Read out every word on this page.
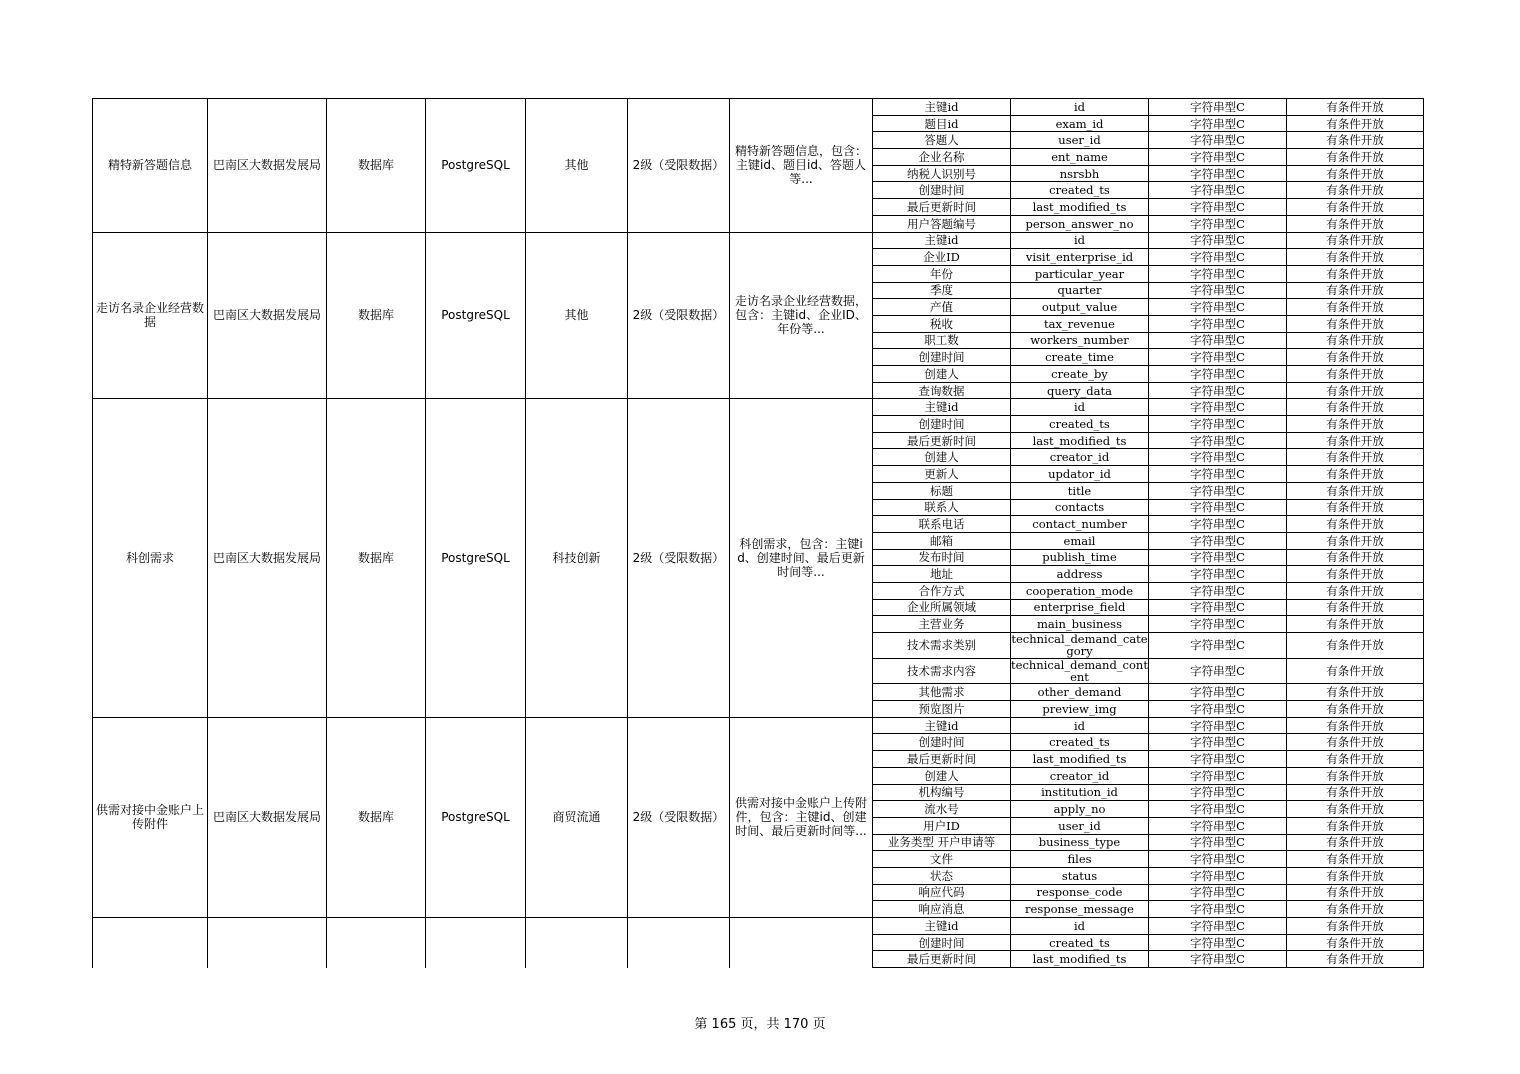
精特新答题信息	巴南区大数据发展局	数据库	PostgreSQL	其他	2级（受限数据）	精特新答题信息，包含：主键id、题目id、答题人等...	主键id	id	字符串型C	有条件开放
							题目id	exam_id	字符串型C	有条件开放
							答题人	user_id	字符串型C	有条件开放
							企业名称	ent_name	字符串型C	有条件开放
							纳税人识别号	nsrsbh	字符串型C	有条件开放
							创建时间	created_ts	字符串型C	有条件开放
							最后更新时间	last_modified_ts	字符串型C	有条件开放
							用户答题编号	person_answer_no	字符串型C	有条件开放
走访名录企业经营数据	巴南区大数据发展局	数据库	PostgreSQL	其他	2级（受限数据）	走访名录企业经营数据，包含：主键id、企业ID、年份等...	主键id	id	字符串型C	有条件开放
							企业ID	visit_enterprise_id	字符串型C	有条件开放
							年份	particular_year	字符串型C	有条件开放
							季度	quarter	字符串型C	有条件开放
							产值	output_value	字符串型C	有条件开放
							税收	tax_revenue	字符串型C	有条件开放
							职工数	workers_number	字符串型C	有条件开放
							创建时间	create_time	字符串型C	有条件开放
							创建人	create_by	字符串型C	有条件开放
							查询数据	query_data	字符串型C	有条件开放
科创需求	巴南区大数据发展局	数据库	PostgreSQL	科技创新	2级（受限数据）	科创需求，包含：主键id、创建时间、最后更新时间等...	主键id	id	字符串型C	有条件开放
							创建时间	created_ts	字符串型C	有条件开放
							最后更新时间	last_modified_ts	字符串型C	有条件开放
							创建人	creator_id	字符串型C	有条件开放
							更新人	updator_id	字符串型C	有条件开放
							标题	title	字符串型C	有条件开放
							联系人	contacts	字符串型C	有条件开放
							联系电话	contact_number	字符串型C	有条件开放
							邮箱	email	字符串型C	有条件开放
							发布时间	publish_time	字符串型C	有条件开放
							地址	address	字符串型C	有条件开放
							合作方式	cooperation_mode	字符串型C	有条件开放
							企业所属领域	enterprise_field	字符串型C	有条件开放
							主营业务	main_business	字符串型C	有条件开放
							技术需求类别	technical_demand_category	字符串型C	有条件开放
							技术需求内容	technical_demand_content	字符串型C	有条件开放
							其他需求	other_demand	字符串型C	有条件开放
							预览图片	preview_img	字符串型C	有条件开放
供需对接中金账户上传附件	巴南区大数据发展局	数据库	PostgreSQL	商贸流通	2级（受限数据）	供需对接中金账户上传附件，包含：主键id、创建时间、最后更新时间等...	主键id	id	字符串型C	有条件开放
							创建时间	created_ts	字符串型C	有条件开放
							最后更新时间	last_modified_ts	字符串型C	有条件开放
							创建人	creator_id	字符串型C	有条件开放
							机构编号	institution_id	字符串型C	有条件开放
							流水号	apply_no	字符串型C	有条件开放
							用户ID	user_id	字符串型C	有条件开放
							业务类型 开户申请等	business_type	字符串型C	有条件开放
							文件	files	字符串型C	有条件开放
							状态	status	字符串型C	有条件开放
							响应代码	response_code	字符串型C	有条件开放
							响应消息	response_message	字符串型C	有条件开放
							主键id	id	字符串型C	有条件开放
							创建时间	created_ts	字符串型C	有条件开放
							最后更新时间	last_modified_ts	字符串型C	有条件开放
第 165 页，共 170 页
